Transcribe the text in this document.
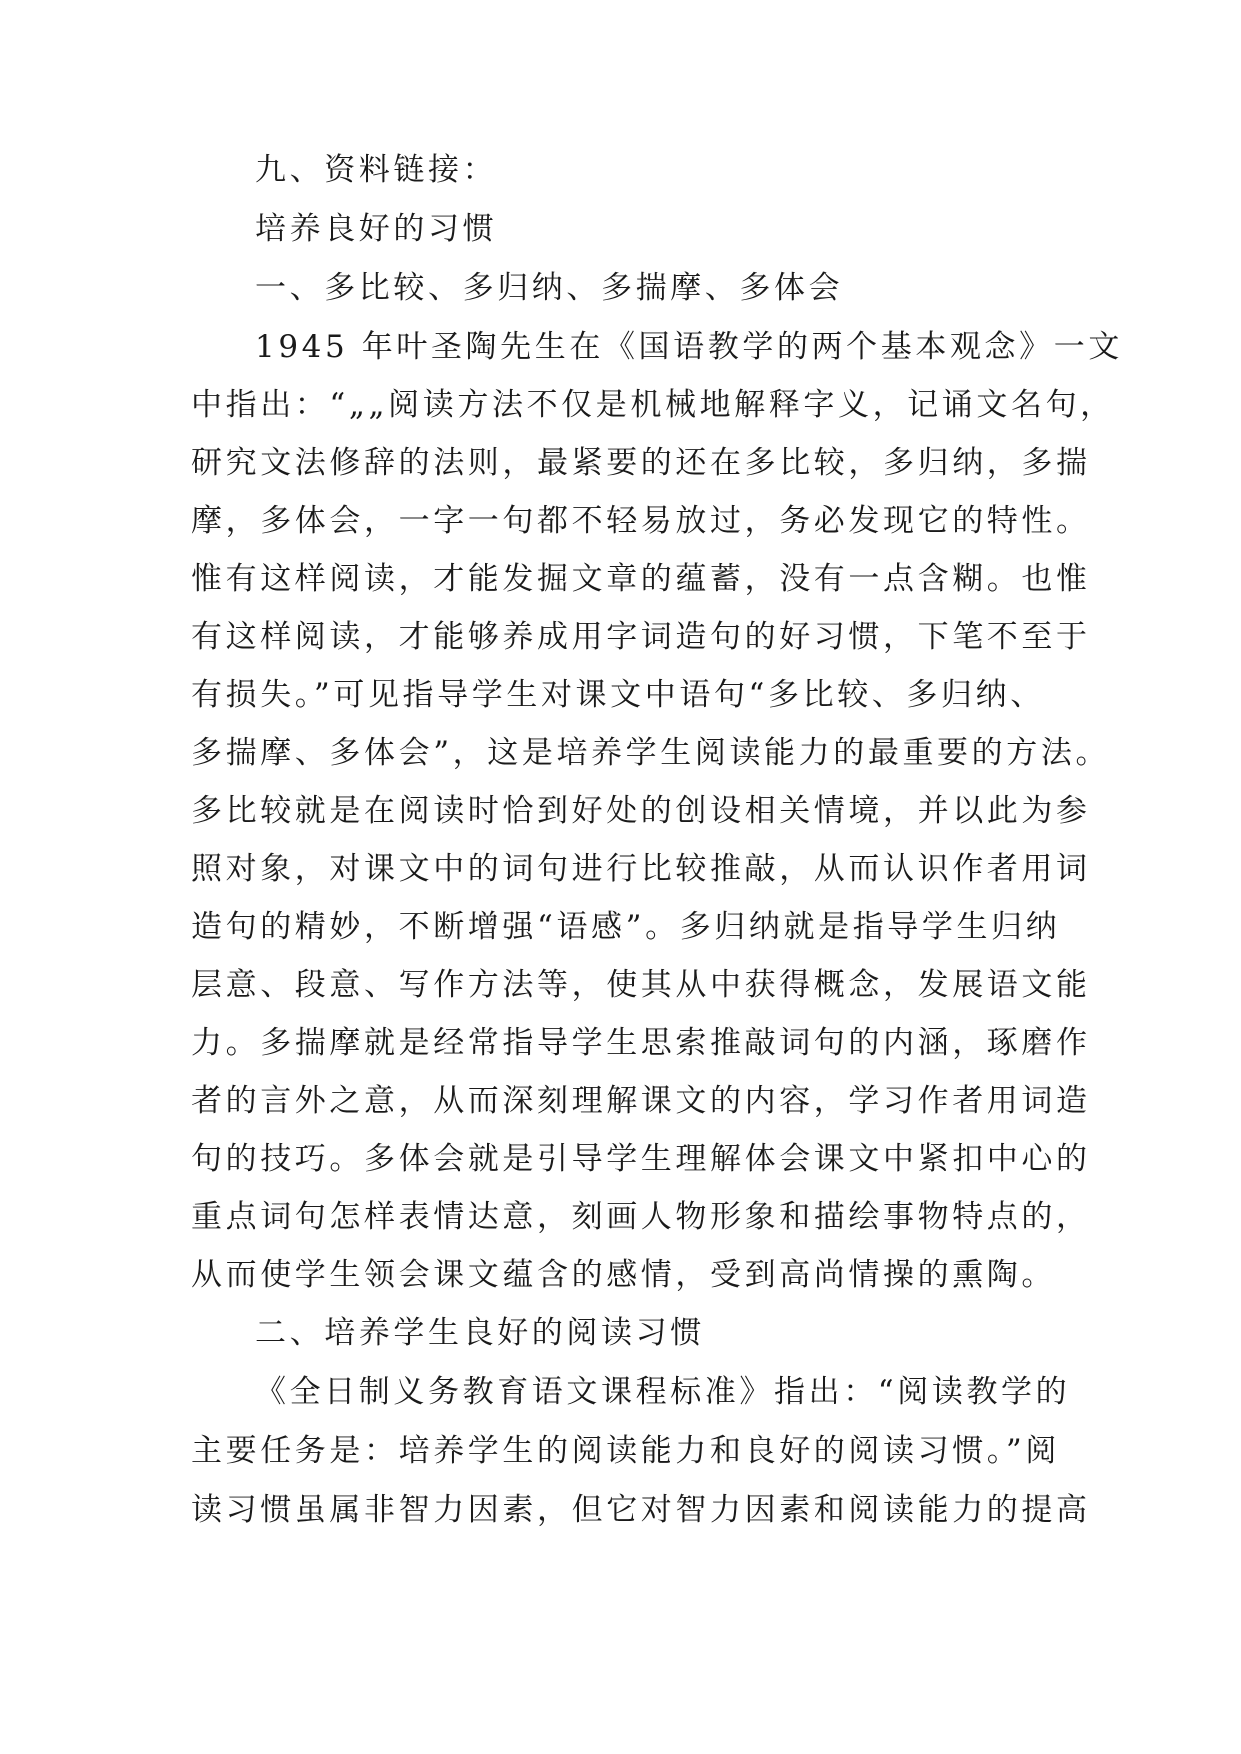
九、资料链接：
培养良好的习惯
一、多比较、多归纳、多揣摩、多体会
1945 年叶圣陶先生在《国语教学的两个基本观念》一文
中指出：“„„阅读方法不仅是机械地解释字义，记诵文名句，
研究文法修辞的法则，最紧要的还在多比较，多归纳，多揣
摩，多体会，一字一句都不轻易放过，务必发现它的特性。
惟有这样阅读，才能发掘文章的蕴蓄，没有一点含糊。也惟
有这样阅读，才能够养成用字词造句的好习惯，下笔不至于
有损失。”可见指导学生对课文中语句“多比较、多归纳、
多揣摩、多体会”，这是培养学生阅读能力的最重要的方法。
多比较就是在阅读时恰到好处的创设相关情境，并以此为参
照对象，对课文中的词句进行比较推敲，从而认识作者用词
造句的精妙，不断增强“语感”。多归纳就是指导学生归纳
层意、段意、写作方法等，使其从中获得概念，发展语文能
力。多揣摩就是经常指导学生思索推敲词句的内涵，琢磨作
者的言外之意，从而深刻理解课文的内容，学习作者用词造
句的技巧。多体会就是引导学生理解体会课文中紧扣中心的
重点词句怎样表情达意，刻画人物形象和描绘事物特点的，
从而使学生领会课文蕴含的感情，受到高尚情操的熏陶。
二、培养学生良好的阅读习惯
《全日制义务教育语文课程标准》指出：“阅读教学的
主要任务是：培养学生的阅读能力和良好的阅读习惯。”阅
读习惯虽属非智力因素，但它对智力因素和阅读能力的提高
